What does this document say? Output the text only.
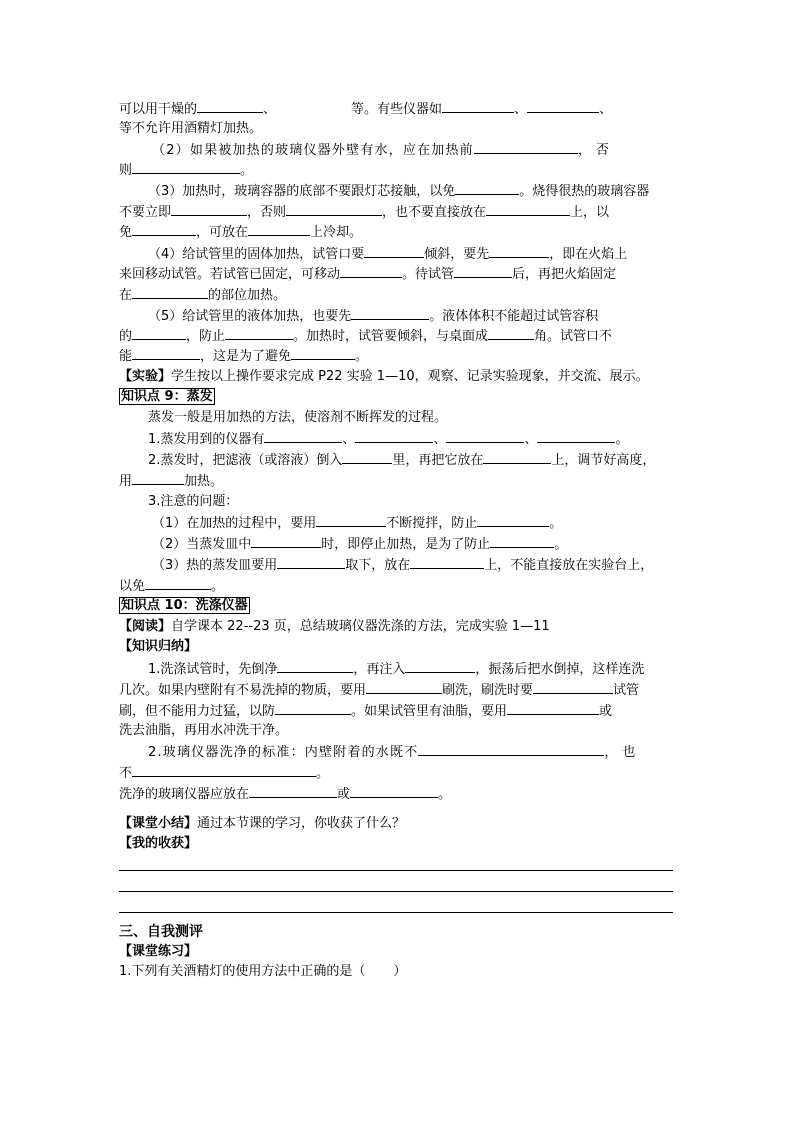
可以用干燥的	、	等。有些仪器如	、	、
等不允许用酒精灯加热。
（2）如果被加热的玻璃仪器外壁有水，应在加热前	，否
则	。
（3）加热时，玻璃容器的底部不要跟灯芯接触，以免	。烧得很热的玻璃容器
不要立即	，否则	，也不要直接放在	上，以
免	，可放在	上冷却。
（4）给试管里的固体加热，试管口要	倾斜，要先	，即在火焰上
来回移动试管。若试管已固定，可移动	。待试管	后，再把火焰固定
在	的部位加热。
（5）给试管里的液体加热，也要先	。液体体积不能超过试管容积
的	，防止	。加热时，试管要倾斜，与桌面成	角。试管口不
能	，这是为了避免	。
【实验】学生按以上操作要求完成 P22 实验 1—10，观察、记录实验现象，并交流、展示。
知识点 9：蒸发
蒸发一般是用加热的方法，使溶剂不断挥发的过程。
1.蒸发用到的仪器有	、	、	、	。
2.蒸发时，把滤液（或溶液）倒入	里，再把它放在	上，调节好高度，
用	加热。
3.注意的问题：
（1）在加热的过程中，要用	不断搅拌，防止	。
（2）当蒸发皿中	时，即停止加热，是为了防止	。
（3）热的蒸发皿要用	取下，放在	上，不能直接放在实验台上，
以免	。
知识点 10：洗涤仪器
【阅读】自学课本 22--23 页，总结玻璃仪器洗涤的方法，完成实验 1—11
【知识归纳】
1.洗涤试管时，先倒净	，再注入	，振荡后把水倒掉，这样连洗
几次。如果内壁附有不易洗掉的物质，要用	刷洗，刷洗时要	试管
刷，但不能用力过猛，以防	。如果试管里有油脂，要用	或
洗去油脂，再用水冲洗干净。
2.玻璃仪器洗净的标准：内壁附着的水既不	，也
不	。
洗净的玻璃仪器应放在	或	。
【课堂小结】通过本节课的学习，你收获了什么？
【我的收获】
三、自我测评
【课堂练习】
1.下列有关酒精灯的使用方法中正确的是（ ）
